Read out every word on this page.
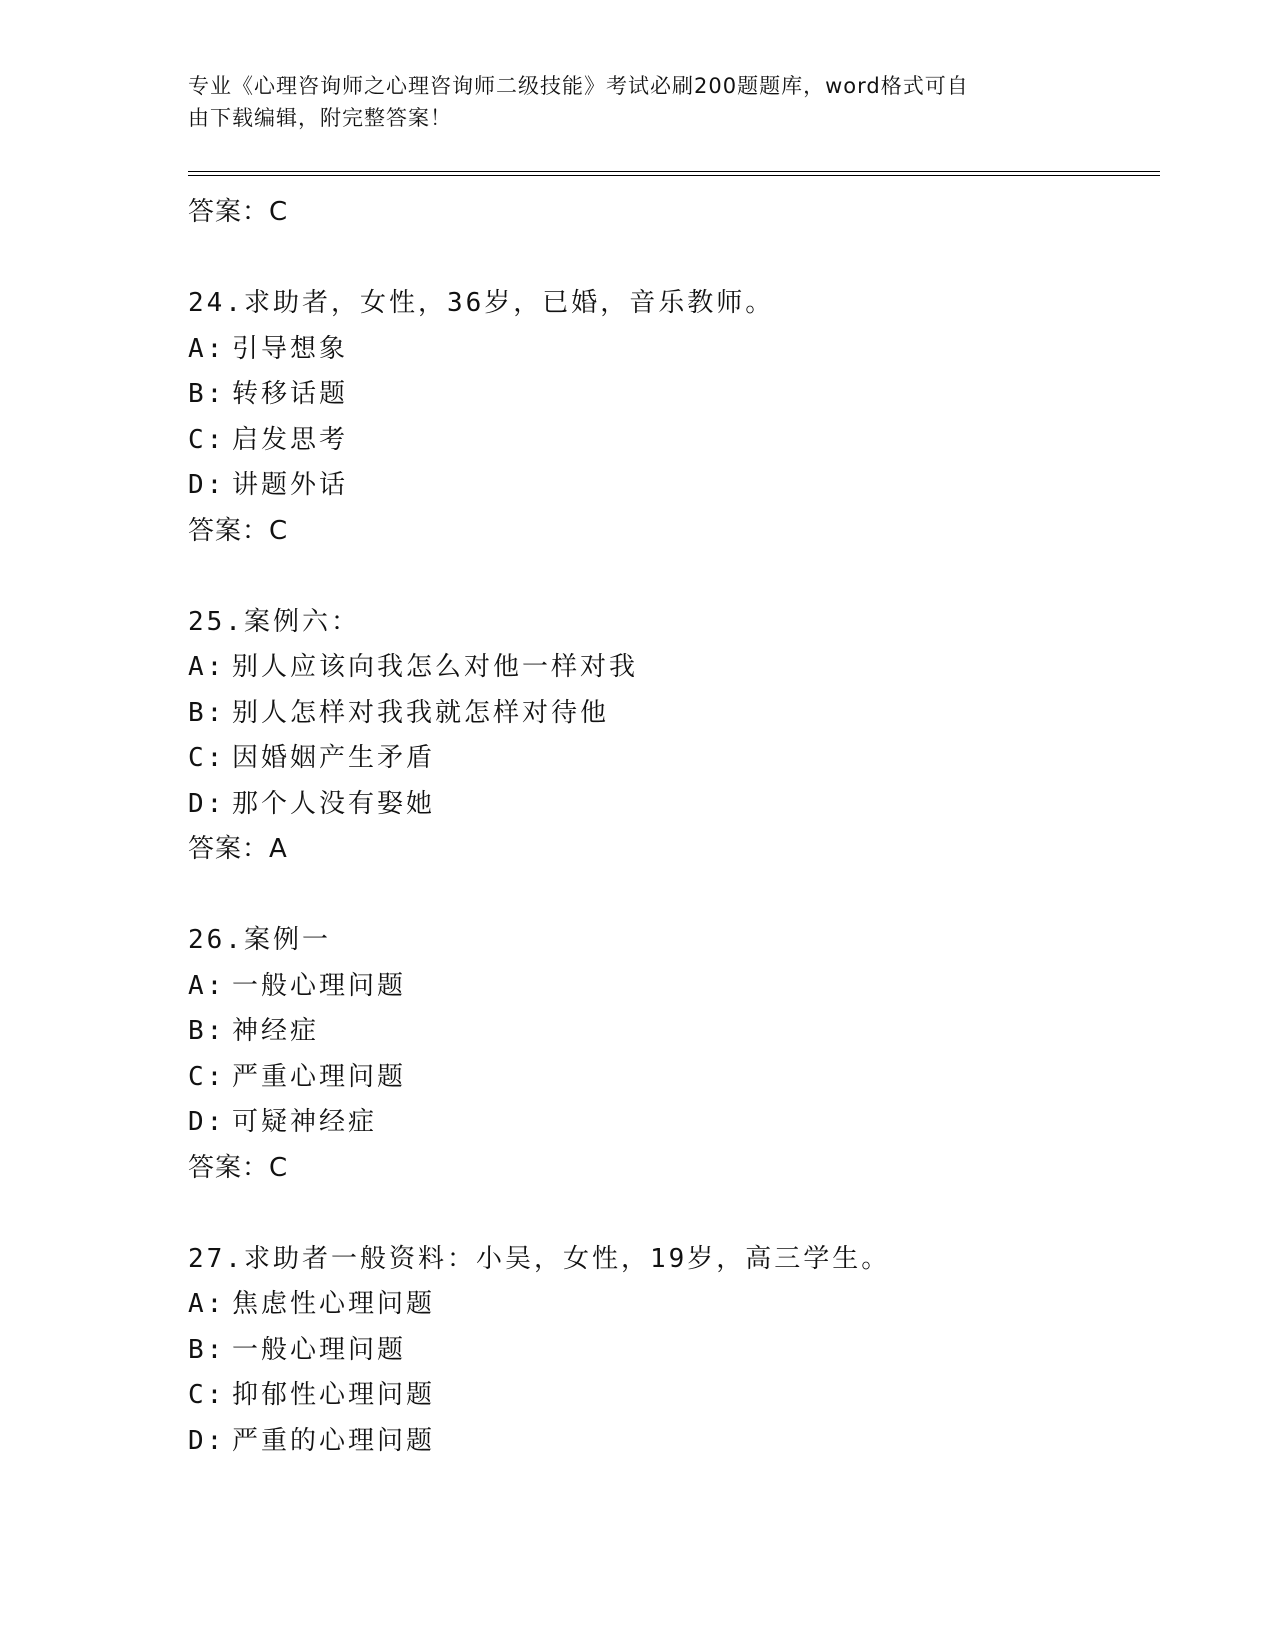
专业《心理咨询师之心理咨询师二级技能》考试必刷200题题库，word格式可自
由下载编辑，附完整答案！
答案：C
24.求助者，女性，36岁，已婚，音乐教师。
A: 引导想象
B: 转移话题
C: 启发思考
D: 讲题外话
答案：C
25.案例六：
A: 别人应该向我怎么对他一样对我
B: 别人怎样对我我就怎样对待他
C: 因婚姻产生矛盾
D: 那个人没有娶她
答案：A
26.案例一
A: 一般心理问题
B: 神经症
C: 严重心理问题
D: 可疑神经症
答案：C
27.求助者一般资料：小吴，女性，19岁，高三学生。
A: 焦虑性心理问题
B: 一般心理问题
C: 抑郁性心理问题
D: 严重的心理问题
